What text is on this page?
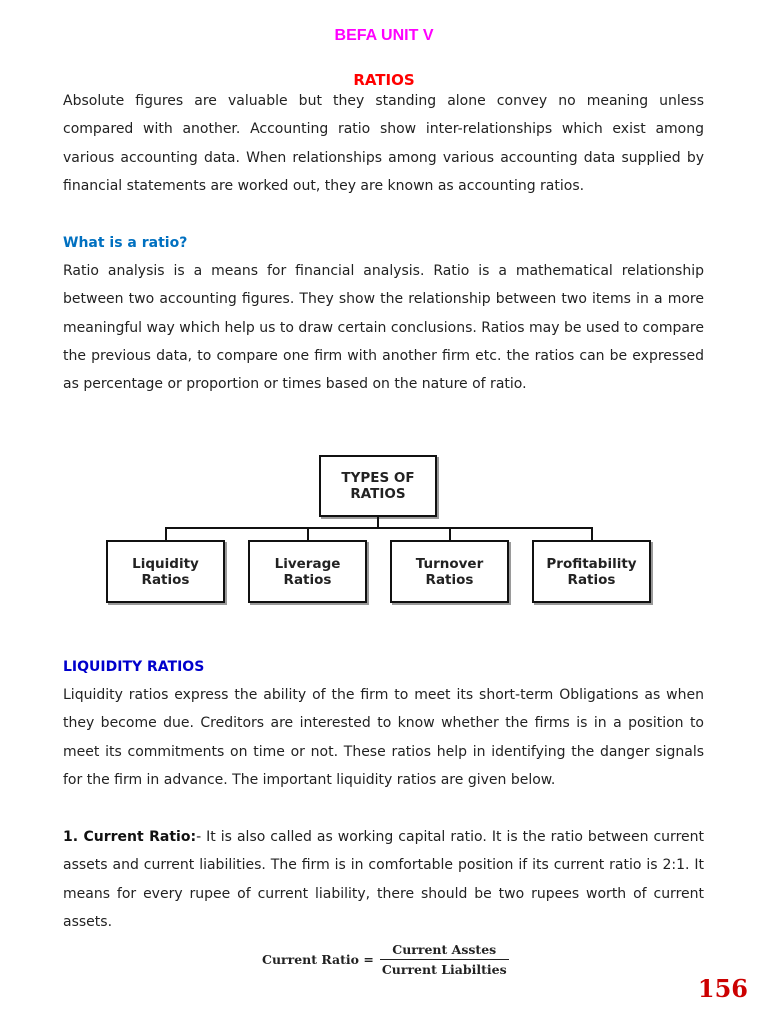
BEFA UNIT V
RATIOS

Absolute figures are valuable but they standing alone convey no meaning unless compared with another. Accounting ratio show inter-relationships which exist among various accounting data. When relationships among various accounting data supplied by financial statements are worked out, they are known as accounting ratios.

What is a ratio?

Ratio analysis is a means for financial analysis. Ratio is a mathematical relationship between two accounting figures. They show the relationship between two items in a more meaningful way which help us to draw certain conclusions. Ratios may be used to compare the previous data, to compare one firm with another firm etc. the ratios can be expressed as percentage or proportion or times based on the nature of ratio.

TYPES OF RATIOS
Liquidity Ratios
Liverage Ratios
Turnover Ratios
Profitability Ratios
LIQUIDITY RATIOS

Liquidity ratios express the ability of the firm to meet its short-term Obligations as when they become due. Creditors are interested to know whether the firms is in a position to meet its commitments on time or not. These ratios help in identifying the danger signals for the firm in advance. The important liquidity ratios are given below.

1. Current Ratio:- It is also called as working capital ratio. It is the ratio between current assets and current liabilities. The firm is in comfortable position if its current ratio is 2:1. It means for every rupee of current liability, there should be two rupees worth of current assets.

Current Ratio = $\frac{\text{Current Asstes}}{\text{Current Liabilties}}$
156
